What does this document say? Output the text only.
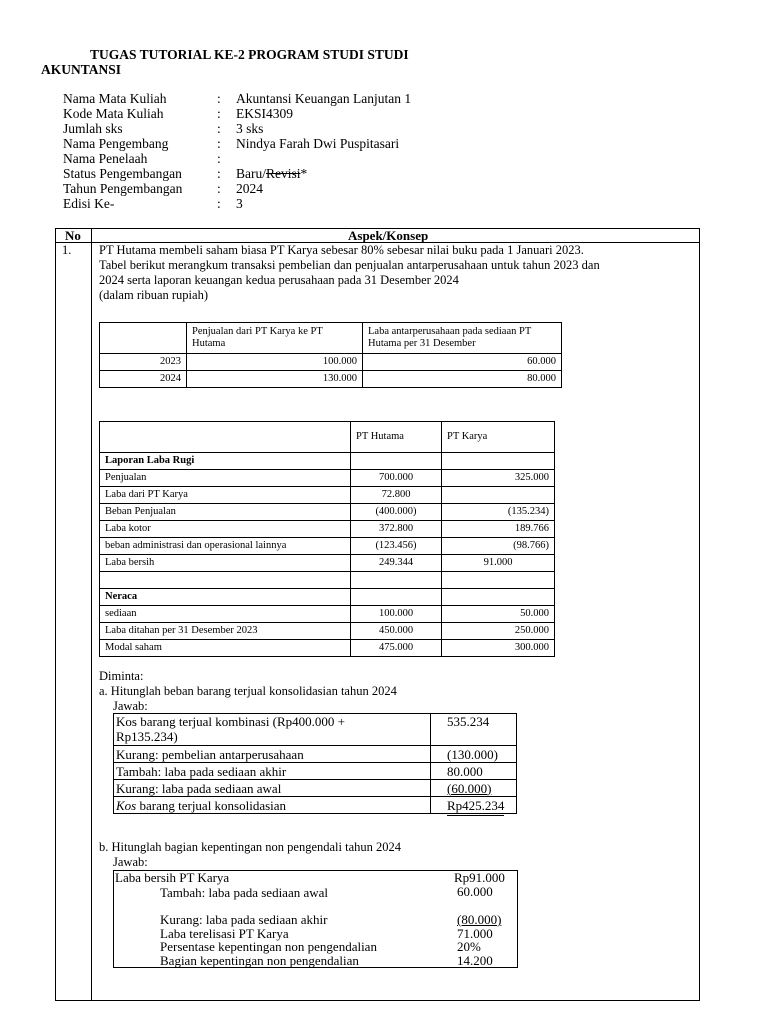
TUGAS TUTORIAL KE-2 PROGRAM STUDI STUDI
AKUNTANSI
Nama Mata Kuliah	: Akuntansi Keuangan Lanjutan 1
Kode Mata Kuliah	: EKSI4309
Jumlah sks	: 3 sks
Nama Pengembang	: Nindya Farah Dwi Puspitasari
Nama Penelaah	:
Status Pengembangan	: Baru/Revisi*
Tahun Pengembangan	: 2024
Edisi Ke-	: 3
No	Aspek/Konsep
1. PT Hutama membeli saham biasa PT Karya sebesar 80% sebesar nilai buku pada 1 Januari 2023.
Tabel berikut merangkum transaksi pembelian dan penjualan antarperusahaan untuk tahun 2023 dan
2024 serta laporan keuangan kedua perusahaan pada 31 Desember 2024
(dalam ribuan rupiah)
	Penjualan dari PT Karya ke PT Hutama	Laba antarperusahaan pada sediaan PT Hutama per 31 Desember
2023	100.000	60.000
2024	130.000	80.000
	PT Hutama	PT Karya
Laporan Laba Rugi		
Penjualan	700.000	325.000
Laba dari PT Karya	72.800	
Beban Penjualan	(400.000)	(135.234)
Laba kotor	372.800	189.766
beban administrasi dan operasional lainnya	(123.456)	(98.766)
Laba bersih	249.344	91.000

Neraca		
sediaan	100.000	50.000
Laba ditahan per 31 Desember 2023	450.000	250.000
Modal saham	475.000	300.000
Diminta:
a. Hitunglah beban barang terjual konsolidasian tahun 2024
Jawab:
Kos barang terjual kombinasi (Rp400.000 +
Rp135.234)	535.234
Kurang: pembelian antarperusahaan	(130.000)
Tambah: laba pada sediaan akhir	80.000
Kurang: laba pada sediaan awal	(60.000)
Kos barang terjual konsolidasian	Rp425.234
b. Hitunglah bagian kepentingan non pengendali tahun 2024
Jawab:
Laba bersih PT Karya	Rp91.000
Tambah: laba pada sediaan awal	60.000
Kurang: laba pada sediaan akhir	(80.000)
Laba terelisasi PT Karya	71.000
Persentase kepentingan non pengendalian	20%
Bagian kepentingan non pengendalian	14.200
